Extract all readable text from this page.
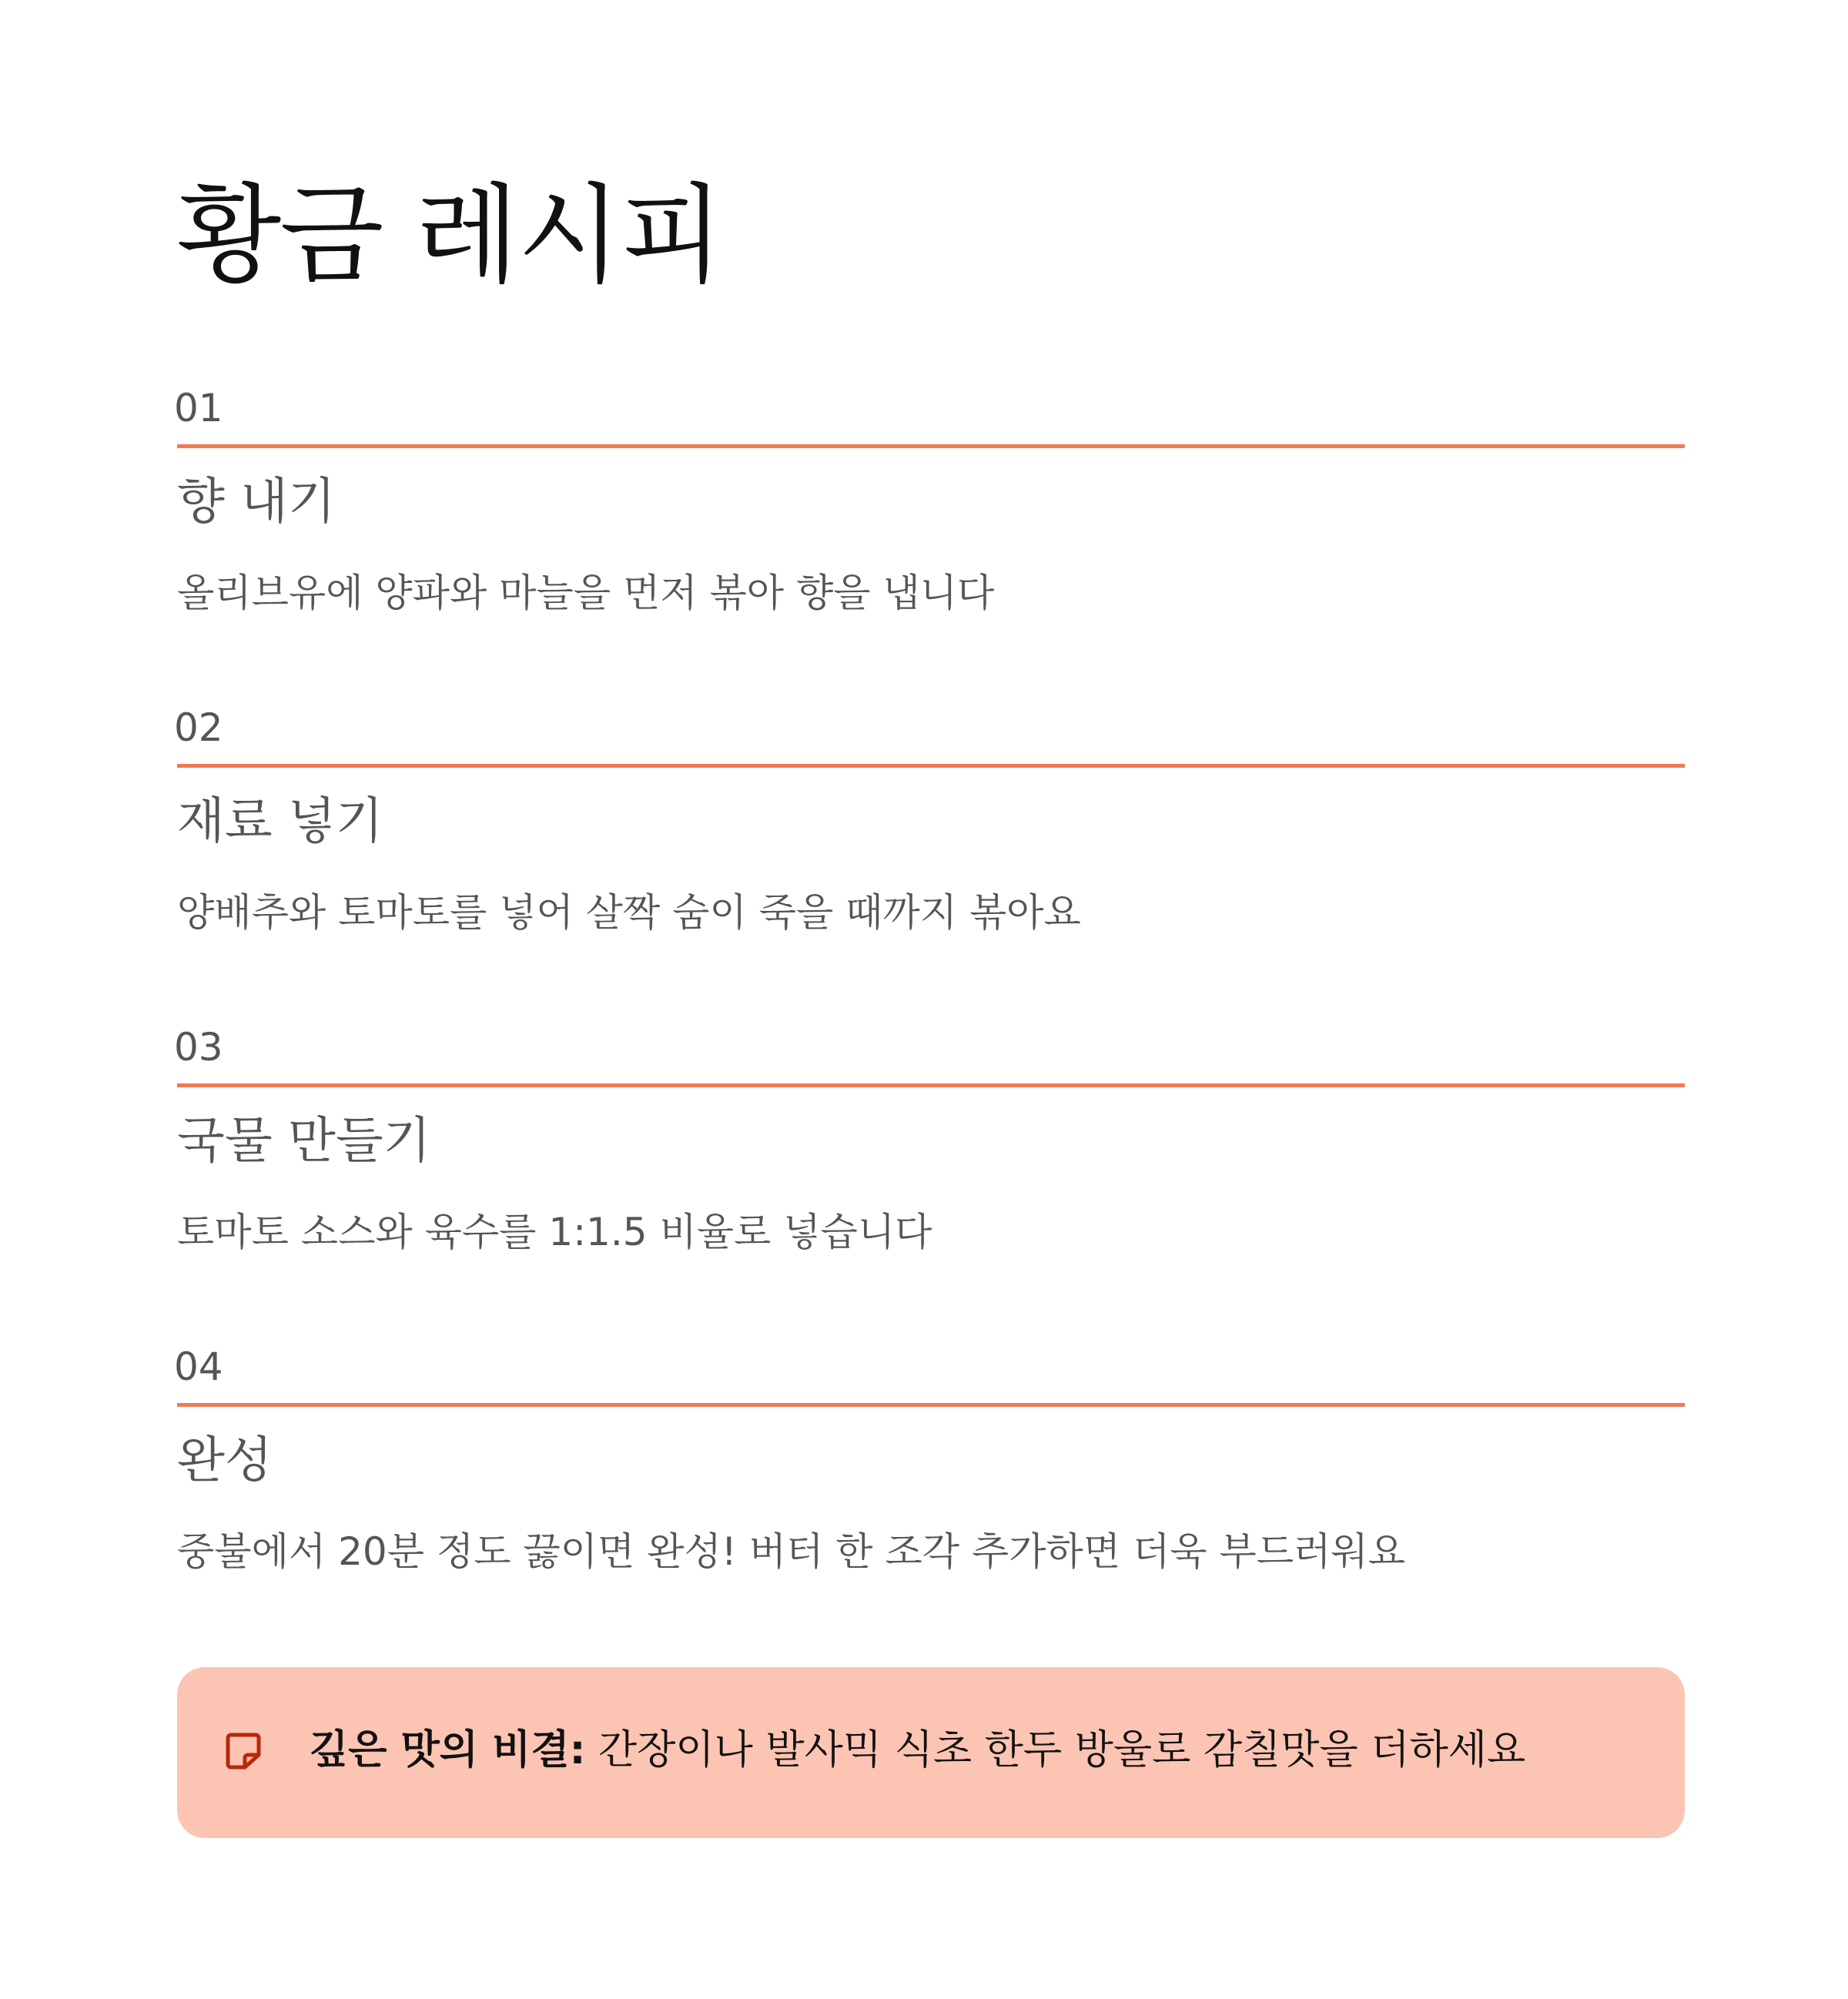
황금 레시피
01
향 내기
올리브유에 양파와 마늘을 먼저 볶아 향을 냅니다
02
재료 넣기
양배추와 토마토를 넣어 살짝 숨이 죽을 때까지 볶아요
03
국물 만들기
토마토 소스와 육수를 1:1.5 비율로 넣습니다
04
완성
중불에서 20분 정도 끓이면 완성! 버터 한 조각 추가하면 더욱 부드러워요
깊은 맛의 비결: 간장이나 발사믹 식초 한두 방울로 감칠맛을 더하세요
